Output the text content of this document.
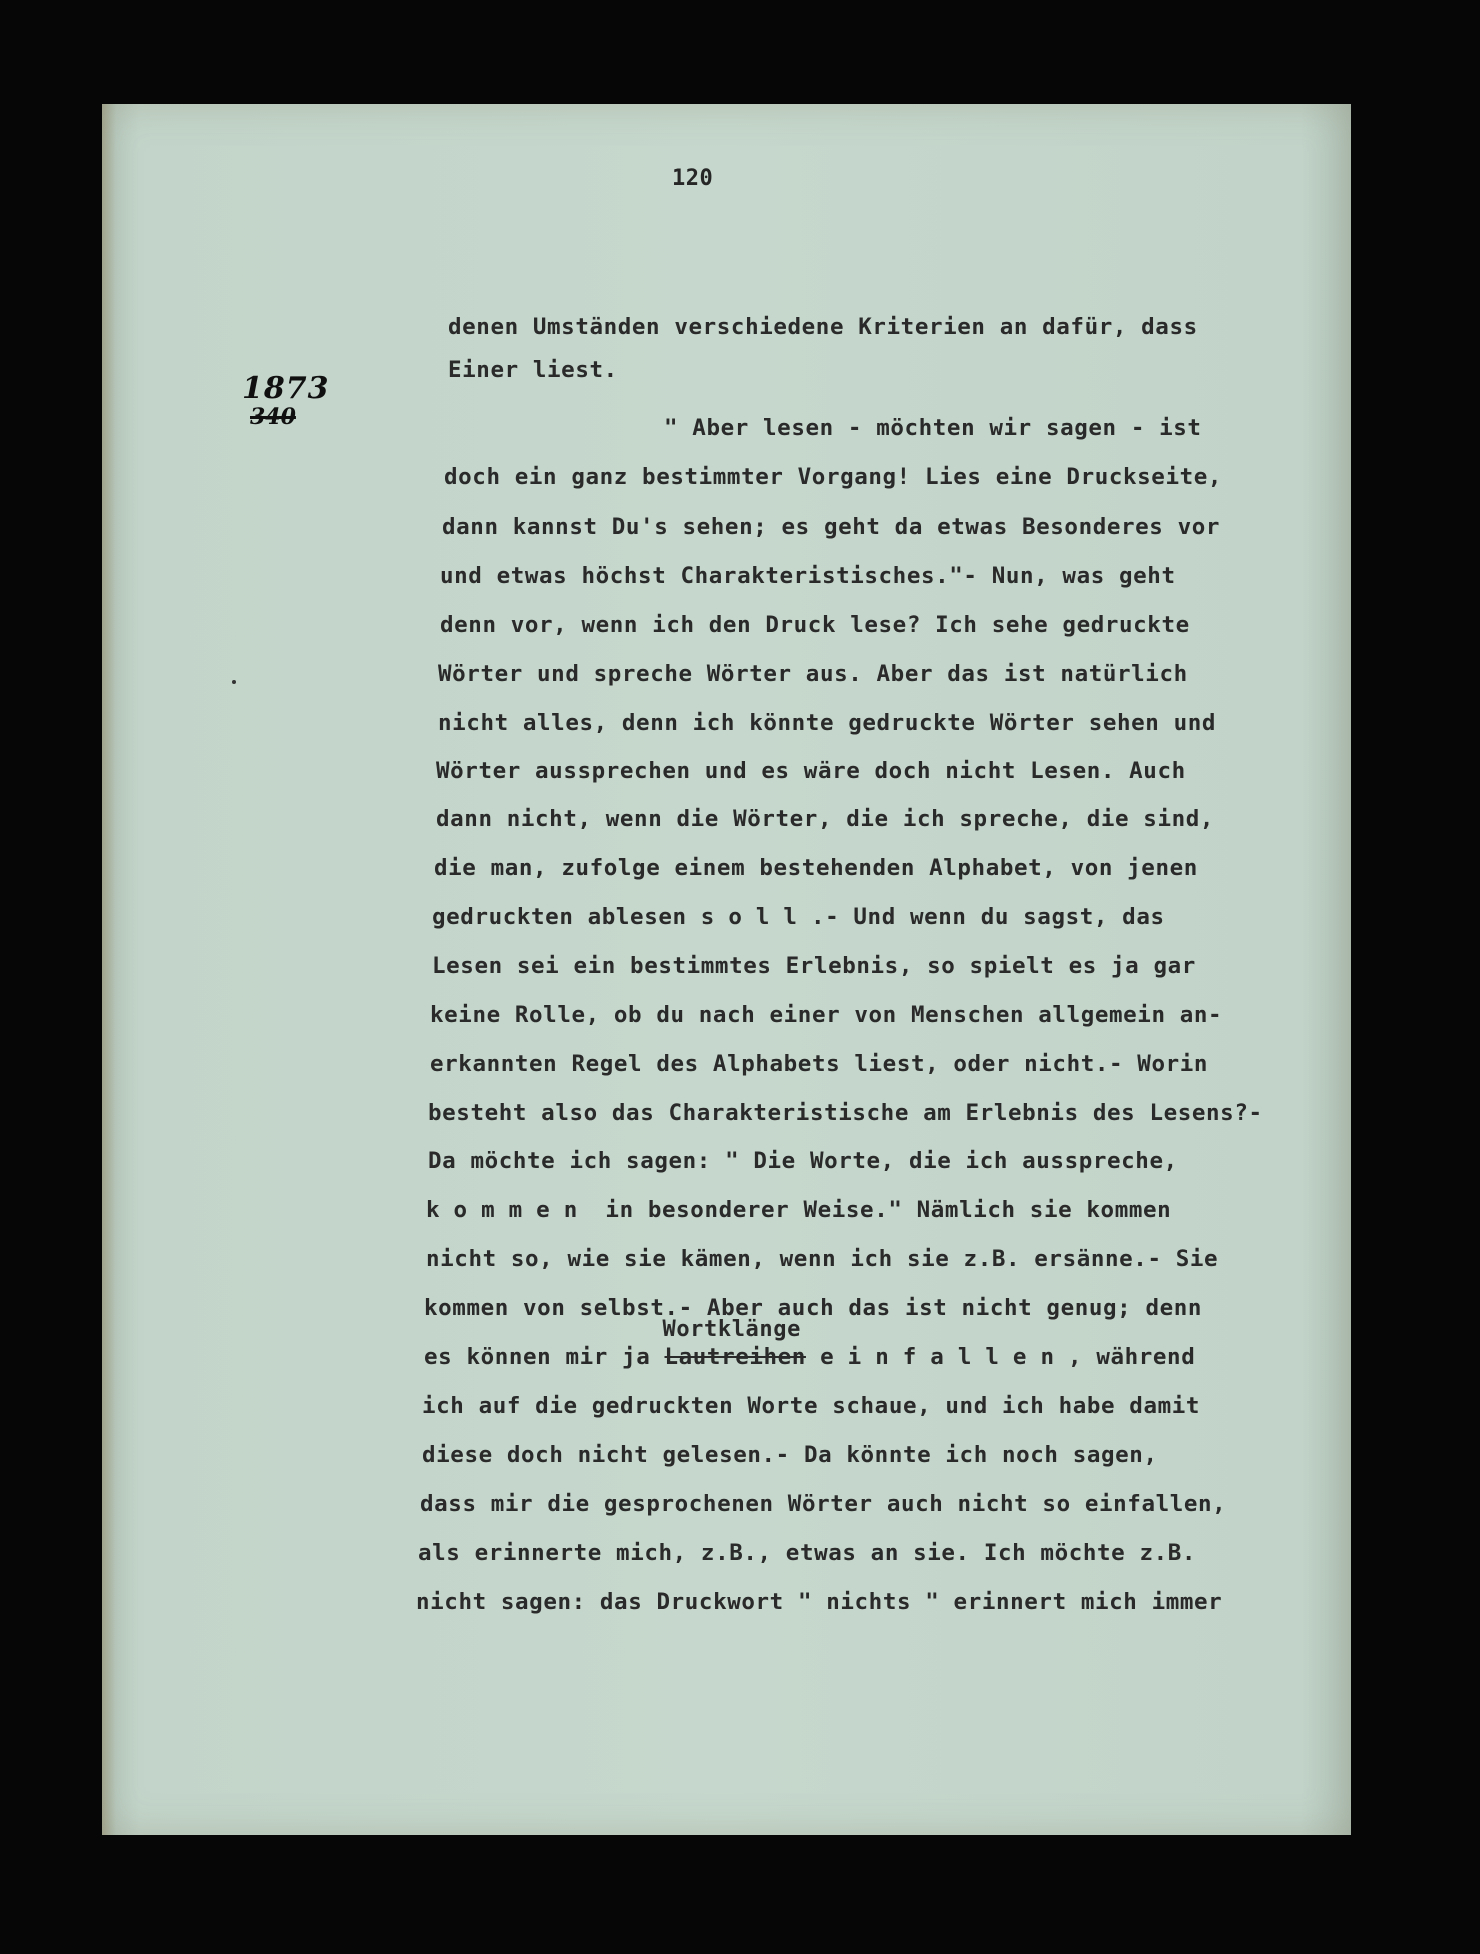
120
1873
340
denen Umständen verschiedene Kriterien an dafür, dass
Einer liest.
" Aber lesen - möchten wir sagen - ist
doch ein ganz bestimmter Vorgang! Lies eine Druckseite,
dann kannst Du's sehen; es geht da etwas Besonderes vor
und etwas höchst Charakteristisches."- Nun, was geht
denn vor, wenn ich den Druck lese? Ich sehe gedruckte
Wörter und spreche Wörter aus. Aber das ist natürlich
nicht alles, denn ich könnte gedruckte Wörter sehen und
Wörter aussprechen und es wäre doch nicht Lesen. Auch
dann nicht, wenn die Wörter, die ich spreche, die sind,
die man, zufolge einem bestehenden Alphabet, von jenen
gedruckten ablesen soll.- Und wenn du sagst, das
Lesen sei ein bestimmtes Erlebnis, so spielt es ja gar
keine Rolle, ob du nach einer von Menschen allgemein an-
erkannten Regel des Alphabets liest, oder nicht.- Worin
besteht also das Charakteristische am Erlebnis des Lesens?-
Da möchte ich sagen: " Die Worte, die ich ausspreche,
kommen in besonderer Weise." Nämlich sie kommen
nicht so, wie sie kämen, wenn ich sie z.B. ersänne.- Sie
kommen von selbst.- Aber auch das ist nicht genug; denn
es können mir ja Lautreihen
Wortklänge
einfallen, während
ich auf die gedruckten Worte schaue, und ich habe damit
diese doch nicht gelesen.- Da könnte ich noch sagen,
dass mir die gesprochenen Wörter auch nicht so einfallen,
als erinnerte mich, z.B., etwas an sie. Ich möchte z.B.
nicht sagen: das Druckwort " nichts " erinnert mich immer
